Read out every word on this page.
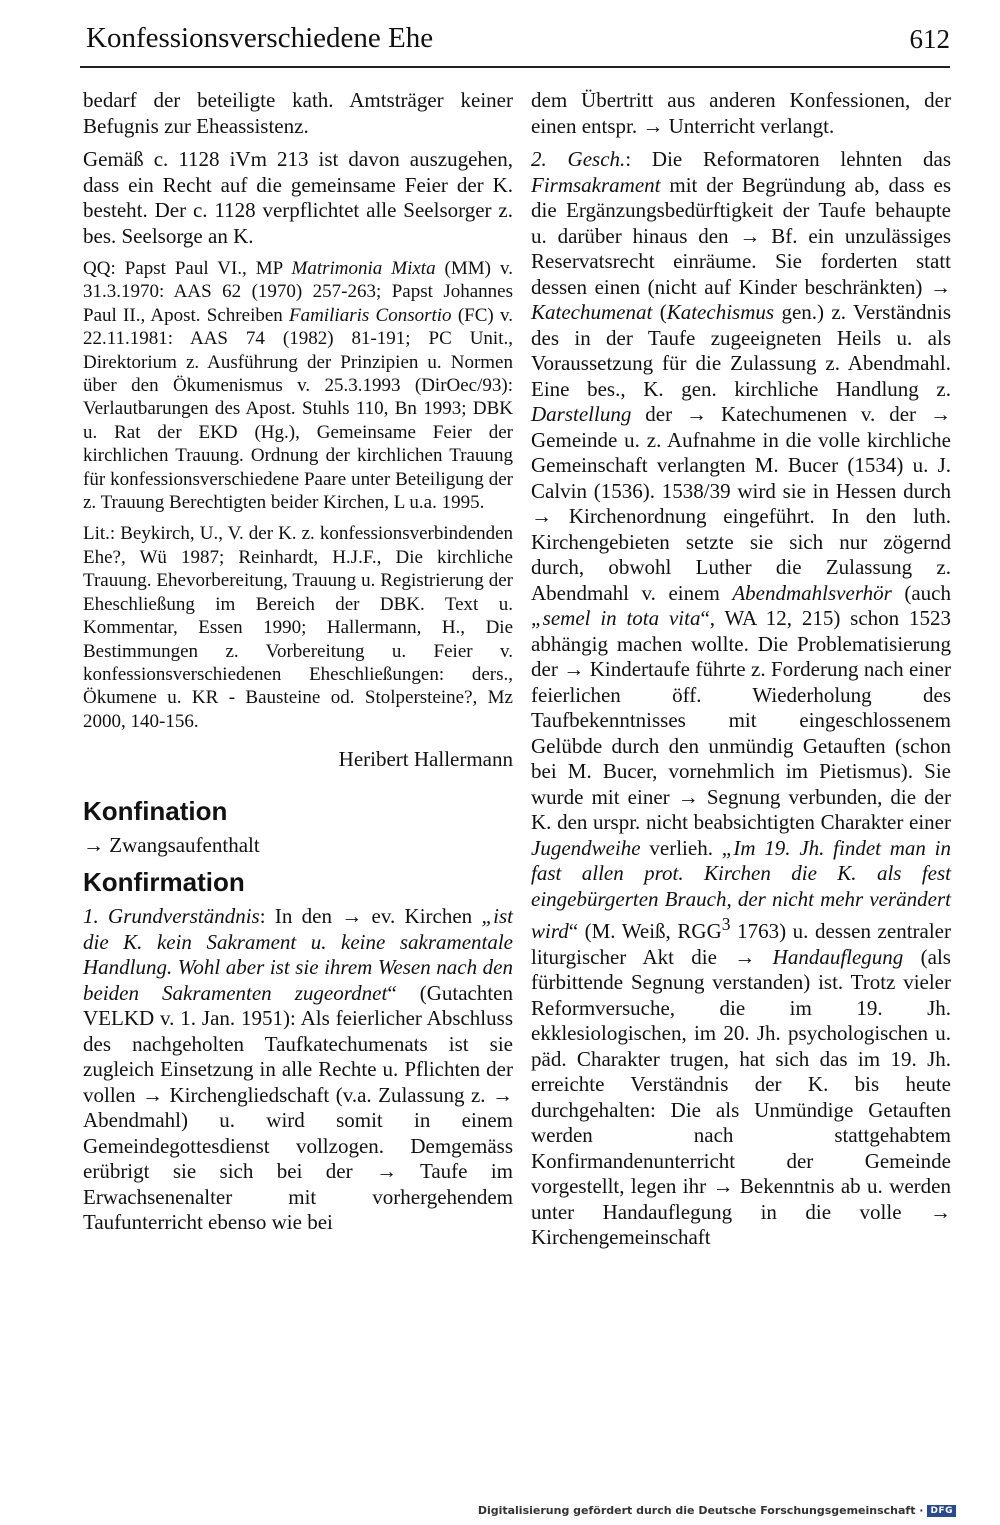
Konfessionsverschiedene Ehe	612

bedarf der beteiligte kath. Amtsträger keiner Befugnis zur Eheassistenz.

Gemäß c. 1128 iVm 213 ist davon auszugehen, dass ein Recht auf die gemeinsame Feier der K. besteht. Der c. 1128 verpflichtet alle Seelsorger z. bes. Seelsorge an K.

QQ: Papst Paul VI., MP Matrimonia Mixta (MM) v. 31.3.1970: AAS 62 (1970) 257-263; Papst Johannes Paul II., Apost. Schreiben Familiaris Consortio (FC) v. 22.11.1981: AAS 74 (1982) 81-191; PC Unit., Direktorium z. Ausführung der Prinzipien u. Normen über den Ökumenismus v. 25.3.1993 (DirOec/93): Verlautbarungen des Apost. Stuhls 110, Bn 1993; DBK u. Rat der EKD (Hg.), Gemeinsame Feier der kirchlichen Trauung. Ordnung der kirchlichen Trauung für konfessionsverschiedene Paare unter Beteiligung der z. Trauung Berechtigten beider Kirchen, L u.a. 1995.

Lit.: Beykirch, U., V. der K. z. konfessionsverbindenden Ehe?, Wü 1987; Reinhardt, H.J.F., Die kirchliche Trauung. Ehevorbereitung, Trauung u. Registrierung der Eheschließung im Bereich der DBK. Text u. Kommentar, Essen 1990; Hallermann, H., Die Bestimmungen z. Vorbereitung u. Feier v. konfessionsverschiedenen Eheschließungen: ders., Ökumene u. KR - Bausteine od. Stolpersteine?, Mz 2000, 140-156.

Heribert Hallermann

Konfination

→ Zwangsaufenthalt

Konfirmation

1. Grundverständnis: In den → ev. Kirchen „ist die K. kein Sakrament u. keine sakramentale Handlung. Wohl aber ist sie ihrem Wesen nach den beiden Sakramenten zugeordnet“ (Gutachten VELKD v. 1. Jan. 1951): Als feierlicher Abschluss des nachgeholten Taufkatechumenats ist sie zugleich Einsetzung in alle Rechte u. Pflichten der vollen → Kirchengliedschaft (v.a. Zulassung z. → Abendmahl) u. wird somit in einem Gemeindegottesdienst vollzogen. Demgemäss erübrigt sie sich bei der → Taufe im Erwachsenenalter mit vorhergehendem Taufunterricht ebenso wie bei

dem Übertritt aus anderen Konfessionen, der einen entspr. → Unterricht verlangt.

2. Gesch.: Die Reformatoren lehnten das Firmsakrament mit der Begründung ab, dass es die Ergänzungsbedürftigkeit der Taufe behaupte u. darüber hinaus den → Bf. ein unzulässiges Reservatsrecht einräume. Sie forderten statt dessen einen (nicht auf Kinder beschränkten) → Katechumenat (Katechismus gen.) z. Verständnis des in der Taufe zugeeigneten Heils u. als Voraussetzung für die Zulassung z. Abendmahl. Eine bes., K. gen. kirchliche Handlung z. Darstellung der → Katechumenen v. der → Gemeinde u. z. Aufnahme in die volle kirchliche Gemeinschaft verlangten M. Bucer (1534) u. J. Calvin (1536). 1538/39 wird sie in Hessen durch → Kirchenordnung eingeführt. In den luth. Kirchengebieten setzte sie sich nur zögernd durch, obwohl Luther die Zulassung z. Abendmahl v. einem Abendmahlsverhör (auch „semel in tota vita“, WA 12, 215) schon 1523 abhängig machen wollte. Die Problematisierung der → Kindertaufe führte z. Forderung nach einer feierlichen öff. Wiederholung des Taufbekenntnisses mit eingeschlossenem Gelübde durch den unmündig Getauften (schon bei M. Bucer, vornehmlich im Pietismus). Sie wurde mit einer → Segnung verbunden, die der K. den urspr. nicht beabsichtigten Charakter einer Jugendweihe verlieh. „Im 19. Jh. findet man in fast allen prot. Kirchen die K. als fest eingebürgerten Brauch, der nicht mehr verändert wird“ (M. Weiß, RGG$^3$ 1763) u. dessen zentraler liturgischer Akt die → Handauflegung (als fürbittende Segnung verstanden) ist. Trotz vieler Reformversuche, die im 19. Jh. ekklesiologischen, im 20. Jh. psychologischen u. päd. Charakter trugen, hat sich das im 19. Jh. erreichte Verständnis der K. bis heute durchgehalten: Die als Unmündige Getauften werden nach stattgehabtem Konfirmandenunterricht der Gemeinde vorgestellt, legen ihr → Bekenntnis ab u. werden unter Handauflegung in die volle → Kirchengemeinschaft

Digitalisierung gefördert durch die Deutsche Forschungsgemeinschaft · DFG
